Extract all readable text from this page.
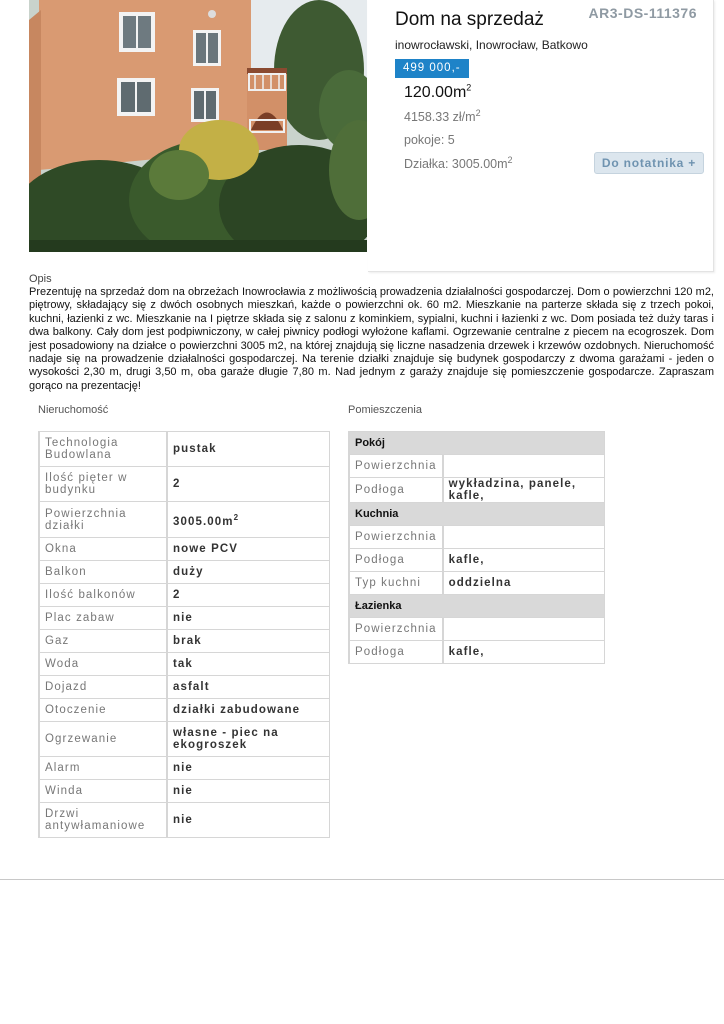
AR3-DS-111376
Dom na sprzedaż
inowrocławski, Inowrocław, Batkowo
499 000,-
$120.00m^2$
4158.33 $zł/m^2$
pokoje: 5
Działka: $3005.00m^2$	Do notatnika +
Opis

Prezentuję na sprzedaż dom na obrzeżach Inowrocławia z możliwością prowadzenia działalności gospodarczej. Dom o powierzchni 120 m2, piętrowy, składający się z dwóch osobnych mieszkań, każde o powierzchni ok. 60 m2. Mieszkanie na parterze składa się z trzech pokoi, kuchni, łazienki z wc. Mieszkanie na I piętrze składa się z salonu z kominkiem, sypialni, kuchni i łazienki z wc. Dom posiada też duży taras i dwa balkony. Cały dom jest podpiwniczony, w całej piwnicy podłogi wyłożone kaflami. Ogrzewanie centralne z piecem na ecogroszek. Dom jest posadowiony na działce o powierzchni 3005 m2, na której znajdują się liczne nasadzenia drzewek i krzewów ozdobnych. Nieruchomość nadaje się na prowadzenie działalności gospodarczej. Na terenie działki znajduje się budynek gospodarczy z dwoma garażami - jeden o wysokości 2,30 m, drugi 3,50 m, oba garaże długie 7,80 m. Nad jednym z garaży znajduje się pomieszczenie gospodarcze. Zapraszam gorąco na prezentację!

Nieruchomość	Pomieszczenia
Technologia Budowlana	pustak
Ilość pięter w budynku	2
Powierzchnia działki	$3005.00m^2$
Okna	nowe PCV
Balkon	duży
Ilość balkonów	2
Plac zabaw	nie
Gaz	brak
Woda	tak
Dojazd	asfalt
Otoczenie	działki zabudowane
Ogrzewanie	własne - piec na ekogroszek
Alarm	nie
Winda	nie
Drzwi antywłamaniowe	nie
Pokój	
Powierzchnia	
Podłoga	wykładzina, panele, kafle,
Kuchnia	
Powierzchnia	
Podłoga	kafle,
Typ kuchni	oddzielna
Łazienka	
Powierzchnia	
Podłoga	kafle,
